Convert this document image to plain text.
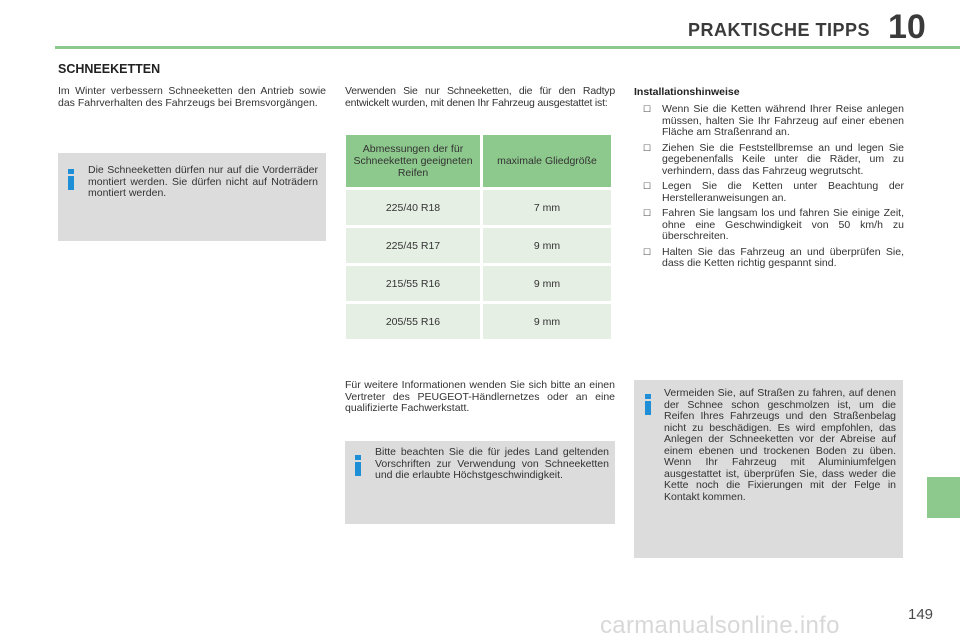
PRAKTISCHE TIPPS 10
SCHNEEKETTEN
Im Winter verbessern Schneeketten den Antrieb sowie das Fahrverhalten des Fahrzeugs bei Bremsvorgängen.
Die Schneeketten dürfen nur auf die Vorderräder montiert werden. Sie dürfen nicht auf Noträdern montiert werden.
Verwenden Sie nur Schneeketten, die für den Radtyp entwickelt wurden, mit denen Ihr Fahrzeug ausgestattet ist:
Abmessungen der für Schneeketten geeigneten Reifen	maximale Gliedgröße
225/40 R18	7 mm
225/45 R17	9 mm
215/55 R16	9 mm
205/55 R16	9 mm
Für weitere Informationen wenden Sie sich bitte an einen Vertreter des PEUGEOT-Händlernetzes oder an eine qualifizierte Fachwerkstatt.
Bitte beachten Sie die für jedes Land geltenden Vorschriften zur Verwendung von Schneeketten und die erlaubte Höchstgeschwindigkeit.
Installationshinweise
☐ Wenn Sie die Ketten während Ihrer Reise anlegen müssen, halten Sie Ihr Fahrzeug auf einer ebenen Fläche am Straßenrand an.
☐ Ziehen Sie die Feststellbremse an und legen Sie gegebenenfalls Keile unter die Räder, um zu verhindern, dass das Fahrzeug wegrutscht.
☐ Legen Sie die Ketten unter Beachtung der Herstelleranweisungen an.
☐ Fahren Sie langsam los und fahren Sie einige Zeit, ohne eine Geschwindigkeit von 50 km/h zu überschreiten.
☐ Halten Sie das Fahrzeug an und überprüfen Sie, dass die Ketten richtig gespannt sind.
Vermeiden Sie, auf Straßen zu fahren, auf denen der Schnee schon geschmolzen ist, um die Reifen Ihres Fahrzeugs und den Straßenbelag nicht zu beschädigen. Es wird empfohlen, das Anlegen der Schneeketten vor der Abreise auf einem ebenen und trockenen Boden zu üben. Wenn Ihr Fahrzeug mit Aluminiumfelgen ausgestattet ist, überprüfen Sie, dass weder die Kette noch die Fixierungen mit der Felge in Kontakt kommen.
149
carmanualsonline.info
